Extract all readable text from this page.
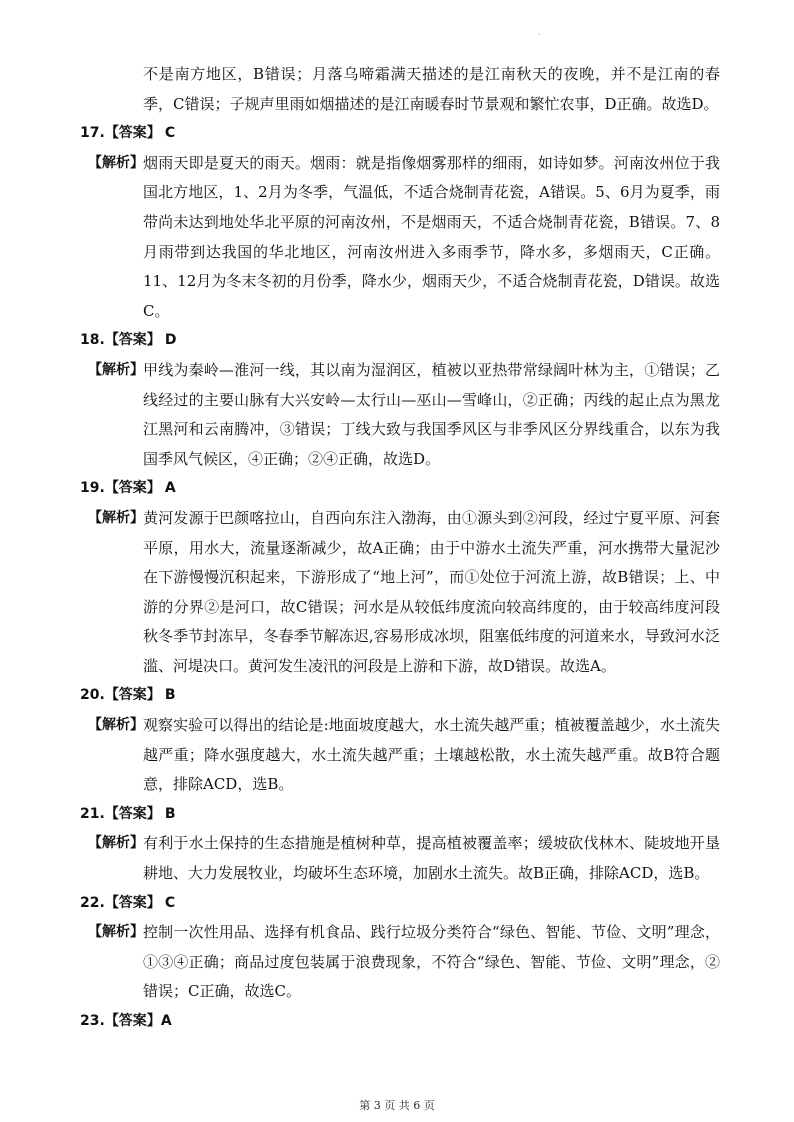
·

不是南方地区，B错误；月落乌啼霜满天描述的是江南秋天的夜晚，并不是江南的春季，C错误；子规声里雨如烟描述的是江南暖春时节景观和繁忙农事，D正确。故选D。

17.【答案】 C

【解析】 烟雨天即是夏天的雨天。烟雨：就是指像烟雾那样的细雨，如诗如梦。河南汝州位于我国北方地区，1、2月为冬季，气温低，不适合烧制青花瓷，A错误。5、6月为夏季，雨带尚未达到地处华北平原的河南汝州，不是烟雨天，不适合烧制青花瓷，B错误。7、8月雨带到达我国的华北地区，河南汝州进入多雨季节，降水多，多烟雨天，C正确。11、12月为冬末冬初的月份季，降水少，烟雨天少，不适合烧制青花瓷，D错误。故选C。

18.【答案】 D

【解析】 甲线为秦岭—淮河一线，其以南为湿润区，植被以亚热带常绿阔叶林为主，①错误；乙线经过的主要山脉有大兴安岭—太行山—巫山—雪峰山，②正确；丙线的起止点为黑龙江黑河和云南腾冲，③错误；丁线大致与我国季风区与非季风区分界线重合，以东为我国季风气候区，④正确；②④正确，故选D。

19.【答案】 A

【解析】 黄河发源于巴颜喀拉山，自西向东注入渤海，由①源头到②河段，经过宁夏平原、河套平原，用水大，流量逐渐减少，故A正确；由于中游水土流失严重，河水携带大量泥沙在下游慢慢沉积起来，下游形成了“地上河”，而①处位于河流上游，故B错误；上、中游的分界②是河口，故C错误；河水是从较低纬度流向较高纬度的，由于较高纬度河段秋冬季节封冻早，冬春季节解冻迟,容易形成冰坝，阻塞低纬度的河道来水，导致河水泛滥、河堤决口。黄河发生凌汛的河段是上游和下游，故D错误。故选A。

20.【答案】 B

【解析】 观察实验可以得出的结论是:地面坡度越大，水土流失越严重；植被覆盖越少，水土流失越严重；降水强度越大，水土流失越严重；土壤越松散，水土流失越严重。故B符合题意，排除ACD，选B。

21.【答案】 B

【解析】 有利于水土保持的生态措施是植树种草，提高植被覆盖率；缓坡砍伐林木、陡坡地开垦耕地、大力发展牧业，均破坏生态环境，加剧水土流失。故B正确，排除ACD，选B。

22.【答案】 C

【解析】 控制一次性用品、选择有机食品、践行垃圾分类符合“绿色、智能、节俭、文明”理念，①③④正确；商品过度包装属于浪费现象，不符合“绿色、智能、节俭、文明”理念，②错误；C正确，故选C。

23.【答案】A

第 3 页 共 6 页
